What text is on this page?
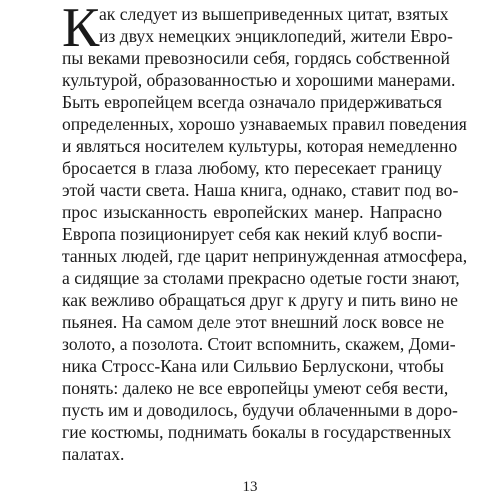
К ак следует из вышеприведенных цитат, взятых
из двух немецких энциклопедий, жители Евро-
пы веками превозносили себя, гордясь собственной
культурой, образованностью и хорошими манерами.
Быть европейцем всегда означало придерживаться
определенных, хорошо узнаваемых правил поведения
и являться носителем культуры, которая немедленно
бросается в глаза любому, кто пересекает границу
этой части света. Наша книга, однако, ставит под во-
прос изысканность европейских манер. Напрасно
Европа позиционирует себя как некий клуб воспи-
танных людей, где царит непринужденная атмосфера,
а сидящие за столами прекрасно одетые гости знают,
как вежливо обращаться друг к другу и пить вино не
пьянея. На самом деле этот внешний лоск вовсе не
золото, а позолота. Стоит вспомнить, скажем, Доми-
ника Стросс-Кана или Сильвио Берлускони, чтобы
понять: далеко не все европейцы умеют себя вести,
пусть им и доводилось, будучи облаченными в доро-
гие костюмы, поднимать бокалы в государственных
палатах.
13
